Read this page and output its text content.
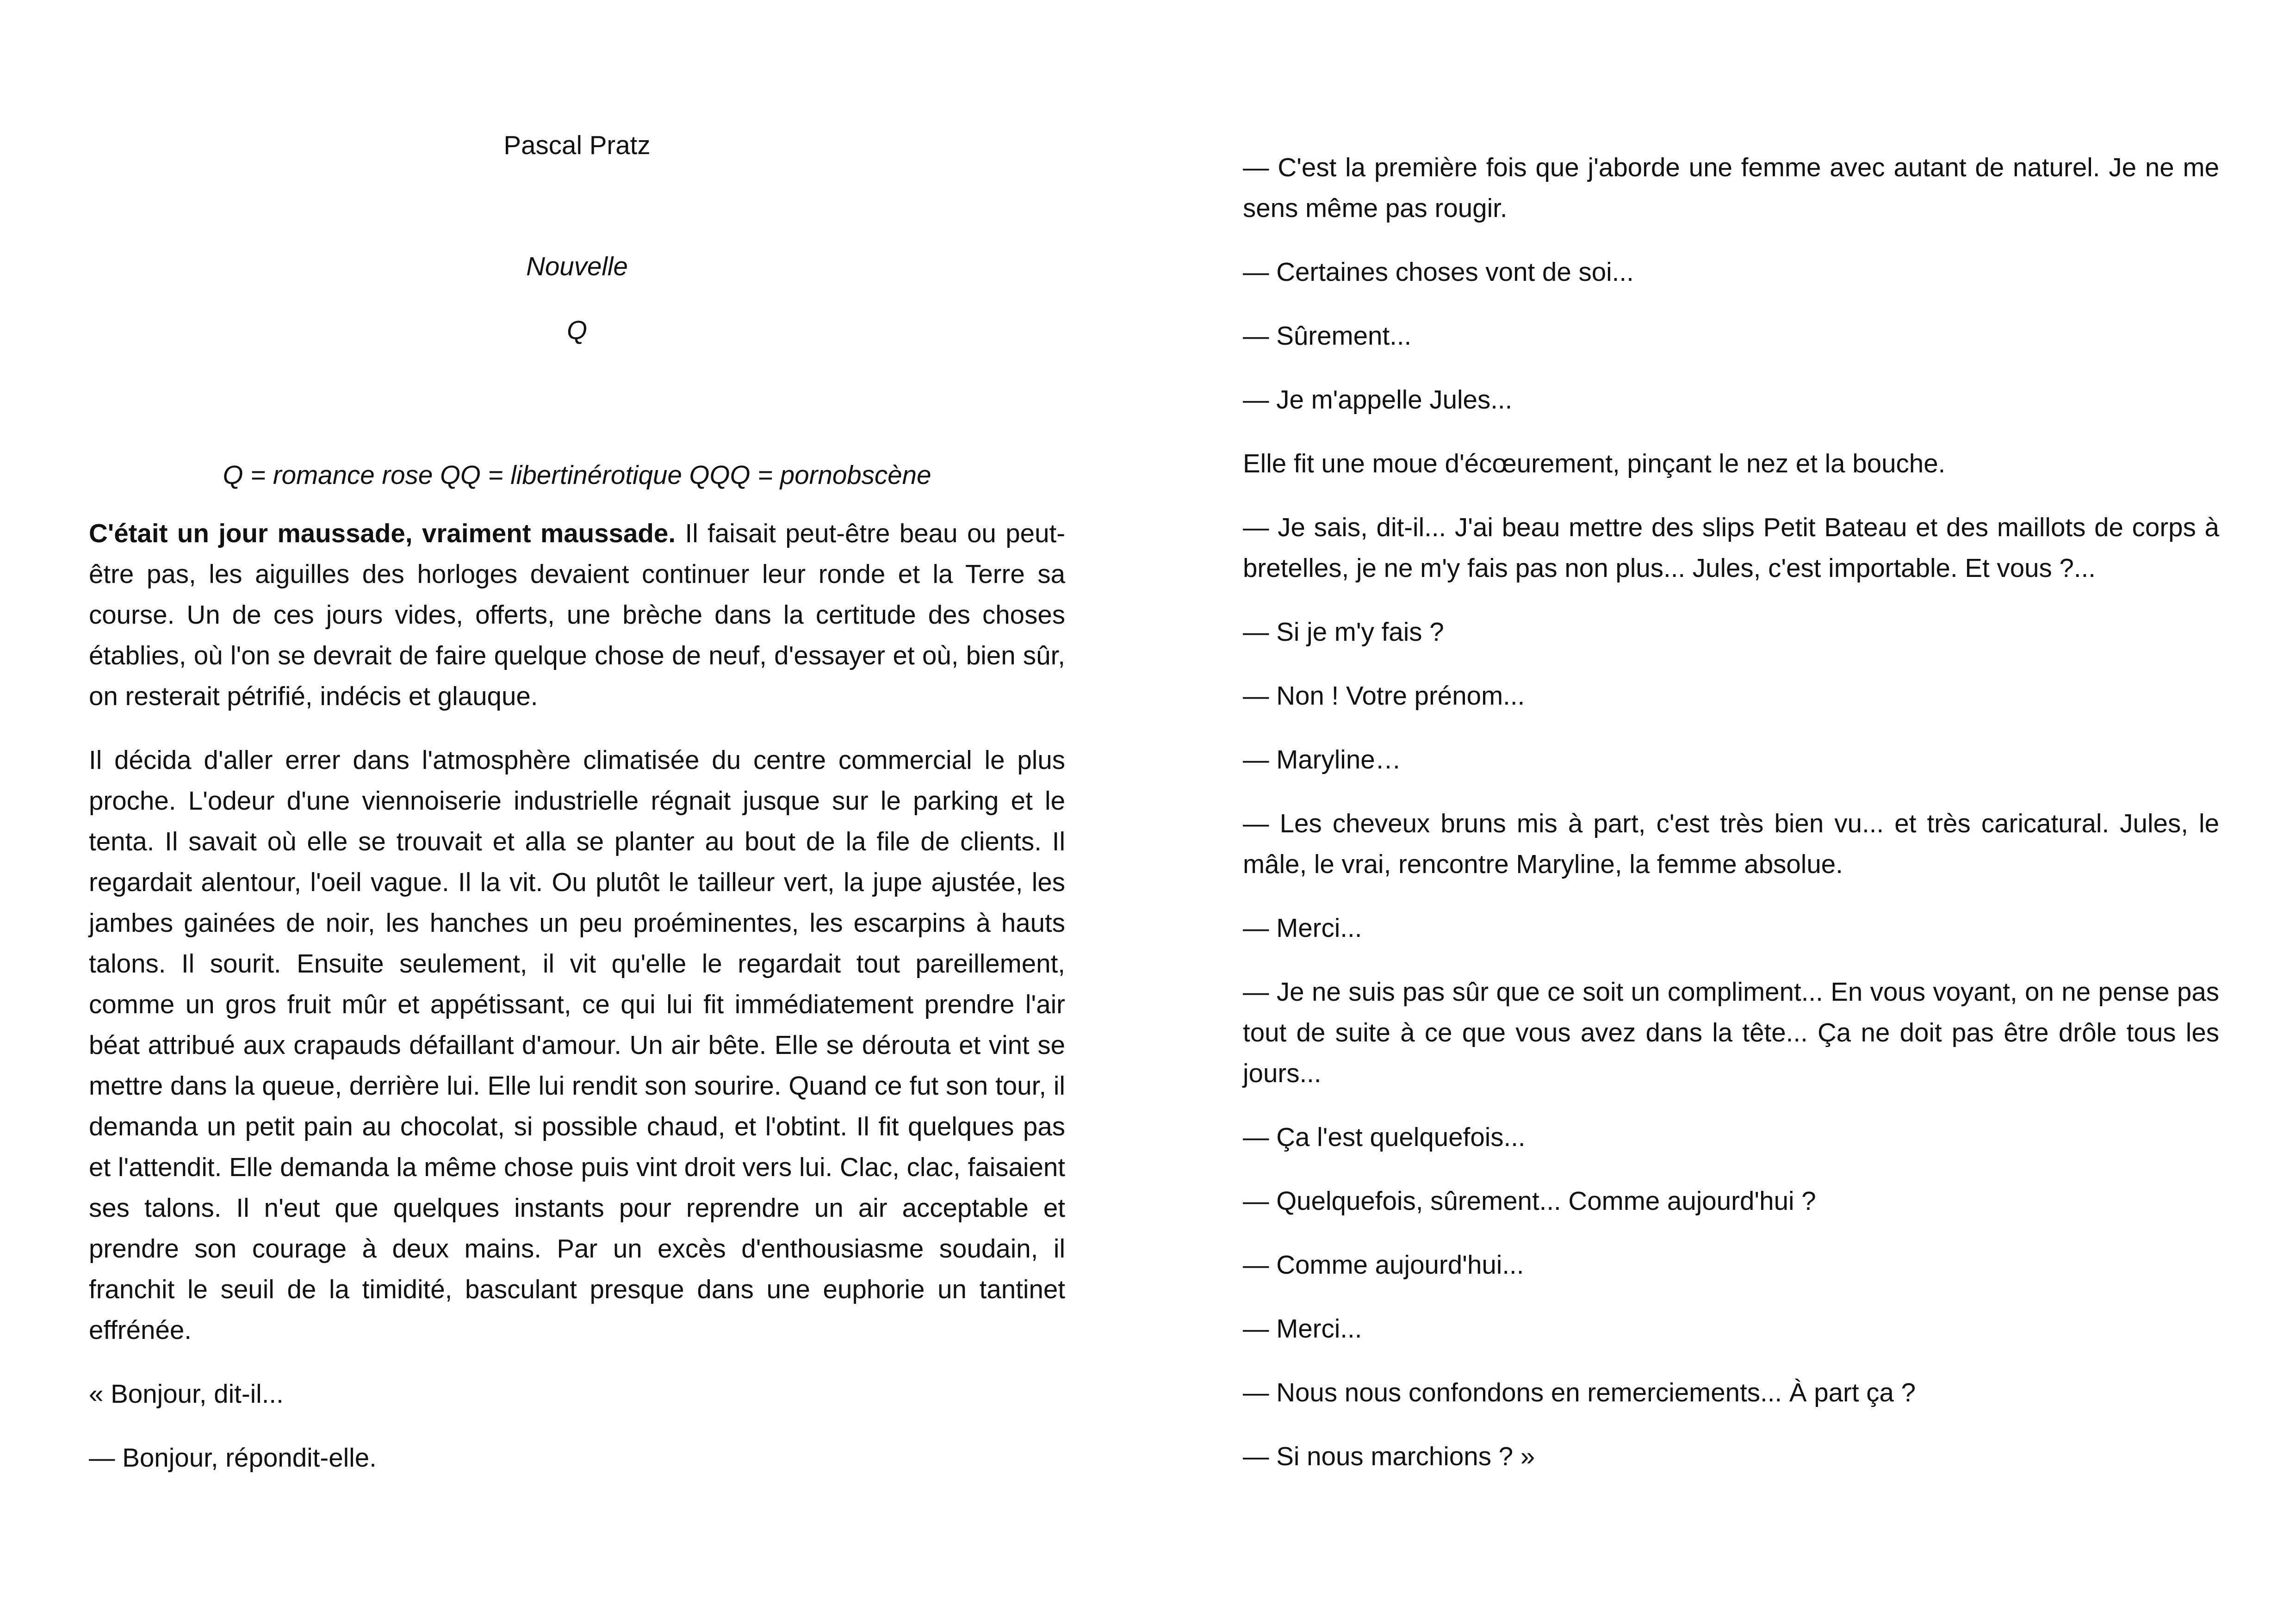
Pascal Pratz

Nouvelle

Q

Q = romance rose QQ = libertinérotique QQQ = pornobscène

C'était un jour maussade, vraiment maussade. Il faisait peut-être beau ou peut-être pas, les aiguilles des horloges devaient continuer leur ronde et la Terre sa course. Un de ces jours vides, offerts, une brèche dans la certitude des choses établies, où l'on se devrait de faire quelque chose de neuf, d'essayer et où, bien sûr, on resterait pétrifié, indécis et glauque.

Il décida d'aller errer dans l'atmosphère climatisée du centre commercial le plus proche. L'odeur d'une viennoiserie industrielle régnait jusque sur le parking et le tenta. Il savait où elle se trouvait et alla se planter au bout de la file de clients. Il regardait alentour, l'oeil vague. Il la vit. Ou plutôt le tailleur vert, la jupe ajustée, les jambes gainées de noir, les hanches un peu proéminentes, les escarpins à hauts talons. Il sourit. Ensuite seulement, il vit qu'elle le regardait tout pareillement, comme un gros fruit mûr et appétissant, ce qui lui fit immédiatement prendre l'air béat attribué aux crapauds défaillant d'amour. Un air bête. Elle se dérouta et vint se mettre dans la queue, derrière lui. Elle lui rendit son sourire. Quand ce fut son tour, il demanda un petit pain au chocolat, si possible chaud, et l'obtint. Il fit quelques pas et l'attendit. Elle demanda la même chose puis vint droit vers lui. Clac, clac, faisaient ses talons. Il n'eut que quelques instants pour reprendre un air acceptable et prendre son courage à deux mains. Par un excès d'enthousiasme soudain, il franchit le seuil de la timidité, basculant presque dans une euphorie un tantinet effrénée.

« Bonjour, dit-il...

— Bonjour, répondit-elle.

— C'est la première fois que j'aborde une femme avec autant de naturel. Je ne me sens même pas rougir.

— Certaines choses vont de soi...

— Sûrement...

— Je m'appelle Jules...

Elle fit une moue d'écœurement, pinçant le nez et la bouche.

— Je sais, dit-il... J'ai beau mettre des slips Petit Bateau et des maillots de corps à bretelles, je ne m'y fais pas non plus... Jules, c'est importable. Et vous ?...

— Si je m'y fais ?

— Non ! Votre prénom...

— Maryline…

— Les cheveux bruns mis à part, c'est très bien vu... et très caricatural. Jules, le mâle, le vrai, rencontre Maryline, la femme absolue.

— Merci...

— Je ne suis pas sûr que ce soit un compliment... En vous voyant, on ne pense pas tout de suite à ce que vous avez dans la tête... Ça ne doit pas être drôle tous les jours...

— Ça l'est quelquefois...

— Quelquefois, sûrement... Comme aujourd'hui ?

— Comme aujourd'hui...

— Merci...

— Nous nous confondons en remerciements... À part ça ?

— Si nous marchions ? »
